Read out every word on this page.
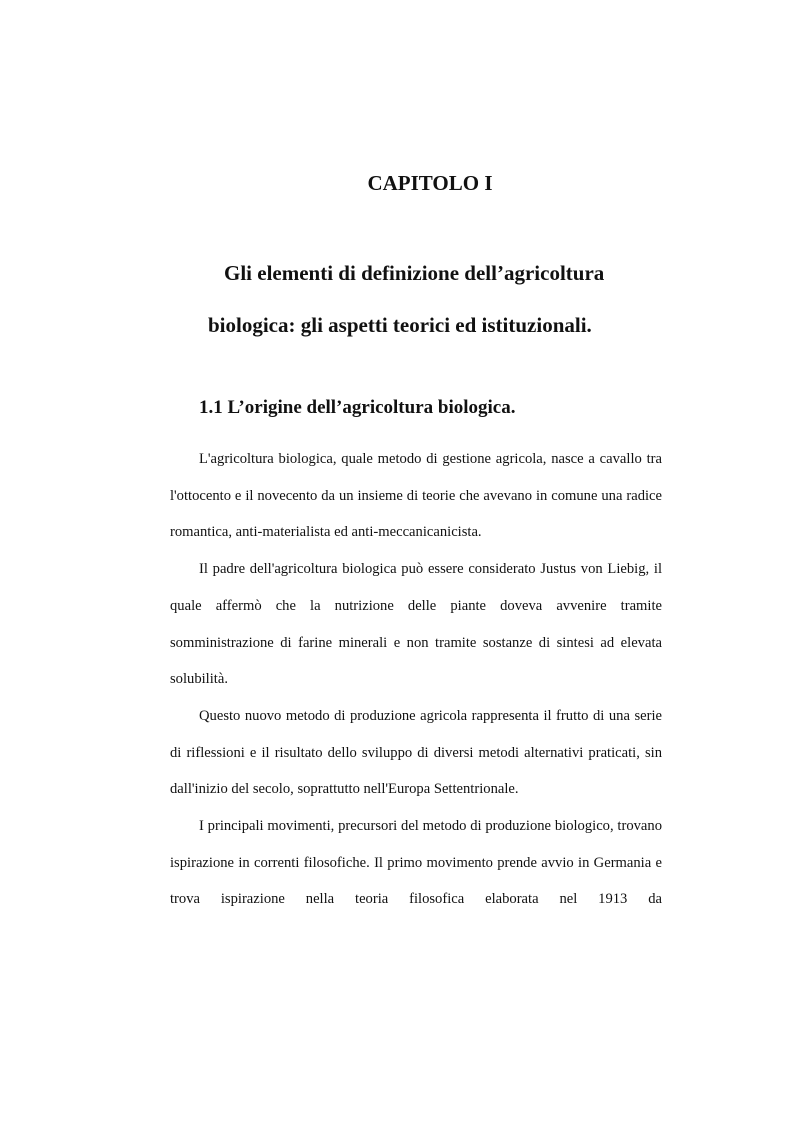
CAPITOLO I
Gli elementi di definizione dell’agricoltura
biologica: gli aspetti teorici ed istituzionali.
1.1 L’origine dell’agricoltura biologica.

L'agricoltura biologica, quale metodo di gestione agricola, nasce a cavallo tra l'ottocento e il novecento da un insieme di teorie che avevano in comune una radice romantica, anti-materialista ed anti-meccanicanicista.

Il padre dell'agricoltura biologica può essere considerato Justus von Liebig, il quale affermò che la nutrizione delle piante doveva avvenire tramite somministrazione di farine minerali e non tramite sostanze di sintesi ad elevata solubilità.

Questo nuovo metodo di produzione agricola rappresenta il frutto di una serie di riflessioni e il risultato dello sviluppo di diversi metodi alternativi praticati, sin dall'inizio del secolo, soprattutto nell'Europa Settentrionale.

I principali movimenti, precursori del metodo di produzione biologico, trovano ispirazione in correnti filosofiche. Il primo movimento prende avvio in Germania e trova ispirazione nella teoria filosofica elaborata nel 1913 da
